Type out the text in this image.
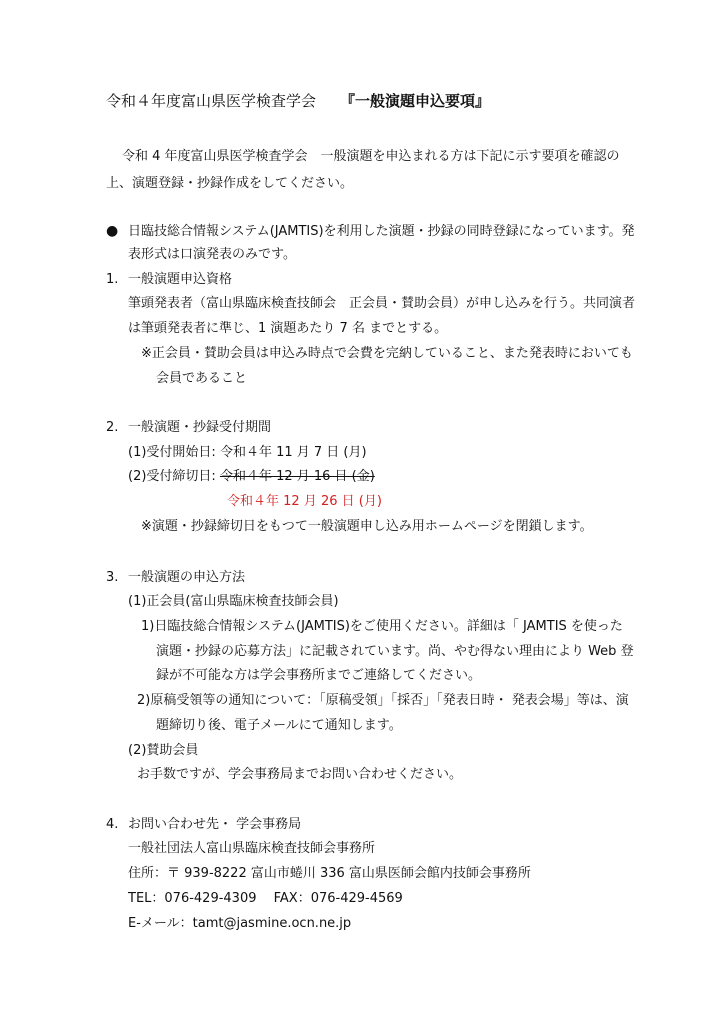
令和４年度富山県医学検査学会 『一般演題申込要項』
令和 4 年度富山県医学検査学会　一般演題を申込まれる方は下記に示す要項を確認の
上、演題登録・抄録作成をしてください。
● 日臨技総合情報システム(JAMTIS)を利用した演題・抄録の同時登録になっています。発
表形式は口演発表のみです。
1. 一般演題申込資格
筆頭発表者（富山県臨床検査技師会　正会員・賛助会員）が申し込みを行う。共同演者
は筆頭発表者に準じ、1 演題あたり 7 名 までとする。
※正会員・賛助会員は申込み時点で会費を完納していること、また発表時においても
会員であること
2. 一般演題・抄録受付期間
(1)受付開始日: 令和４年 11 月 7 日 (月)
(2)受付締切日: 令和４年 12 月 16 日 (金)
令和４年 12 月 26 日 (月)
※演題・抄録締切日をもつて一般演題申し込み用ホームページを閉鎖します。
3. 一般演題の申込方法
(1)正会員(富山県臨床検査技師会員)
1)日臨技総合情報システム(JAMTIS)をご使用ください。詳細は「 JAMTIS を使った
演題・抄録の応募方法」に記載されています。尚、やむ得ない理由により Web 登
録が不可能な方は学会事務所までご連絡してください。
2)原稿受領等の通知について：「原稿受領」「採否」「発表日時・ 発表会場」等は、演
題締切り後、電子メールにて通知します。
(2)賛助会員
お手数ですが、学会事務局までお問い合わせください。
4. お問い合わせ先・ 学会事務局
一般社団法人富山県臨床検査技師会事務所
住所：〒 939-8222 富山市蜷川 336 富山県医師会館内技師会事務所
TEL：076-429-4309　 FAX：076-429-4569
E-メール：tamt@jasmine.ocn.ne.jp
